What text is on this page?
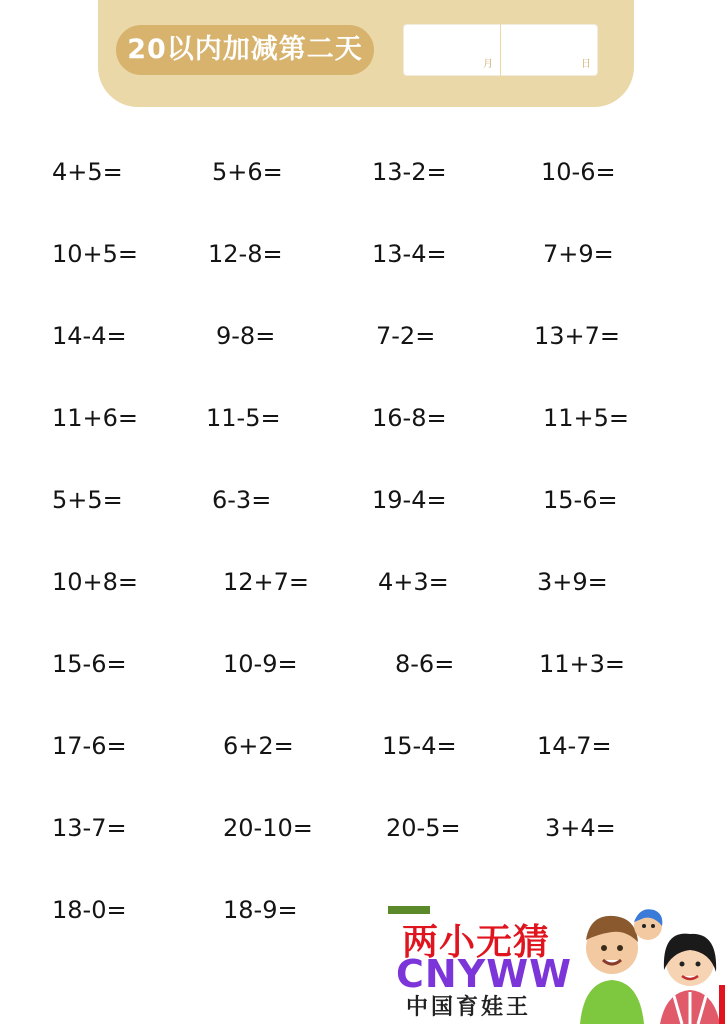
20以内加减第二天	月	日
4+5=	5+6=	13-2=	10-6=
10+5=	12-8=	13-4=	7+9=
14-4=	9-8=	7-2=	13+7=
11+6=	11-5=	16-8=	11+5=
5+5=	6-3=	19-4=	15-6=
10+8=	12+7=	4+3=	3+9=
15-6=	10-9=	8-6=	11+3=
17-6=	6+2=	15-4=	14-7=
13-7=	20-10=	20-5=	3+4=
18-0=	18-9=
两小无猜
CNYWW
中国育娃王
